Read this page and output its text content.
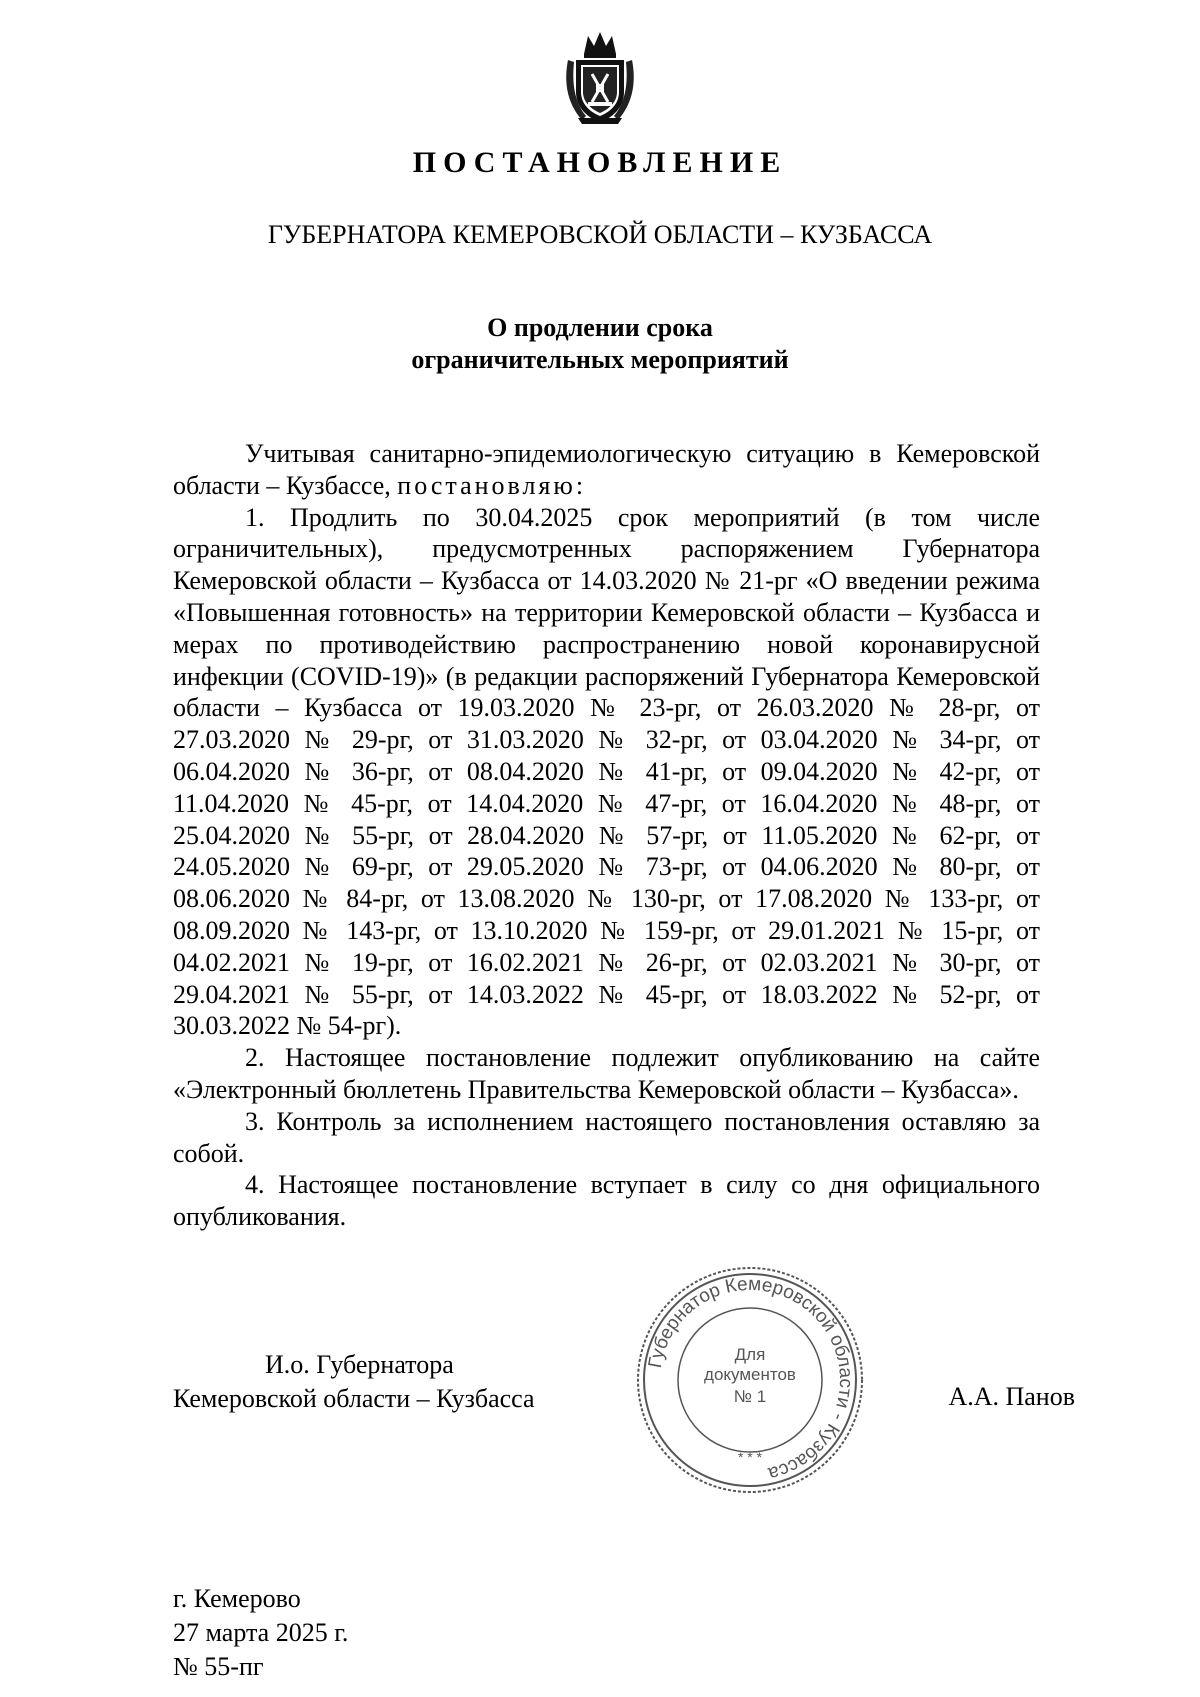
ПОСТАНОВЛЕНИЕ
ГУБЕРНАТОРА КЕМЕРОВСКОЙ ОБЛАСТИ – КУЗБАССА
О продлении срока
ограничительных мероприятий

Учитывая санитарно-эпидемиологическую ситуацию в Кемеровской области – Кузбассе, постановляю:

1. Продлить по 30.04.2025 срок мероприятий (в том числе ограничительных), предусмотренных распоряжением Губернатора Кемеровской области – Кузбасса от 14.03.2020 № 21-рг «О введении режима «Повышенная готовность» на территории Кемеровской области – Кузбасса и мерах по противодействию распространению новой коронавирусной инфекции (COVID-19)» (в редакции распоряжений Губернатора Кемеровской области – Кузбасса от 19.03.2020 № 23-рг, от 26.03.2020 № 28-рг, от 27.03.2020 № 29-рг, от 31.03.2020 № 32-рг, от 03.04.2020 № 34-рг, от 06.04.2020 № 36-рг, от 08.04.2020 № 41-рг, от 09.04.2020 № 42-рг, от 11.04.2020 № 45-рг, от 14.04.2020 № 47-рг, от 16.04.2020 № 48-рг, от 25.04.2020 № 55-рг, от 28.04.2020 № 57-рг, от 11.05.2020 № 62-рг, от 24.05.2020 № 69-рг, от 29.05.2020 № 73-рг, от 04.06.2020 № 80-рг, от 08.06.2020 № 84-рг, от 13.08.2020 № 130-рг, от 17.08.2020 № 133-рг, от 08.09.2020 № 143-рг, от 13.10.2020 № 159-рг, от 29.01.2021 № 15-рг, от 04.02.2021 № 19-рг, от 16.02.2021 № 26-рг, от 02.03.2021 № 30-рг, от 29.04.2021 № 55-рг, от 14.03.2022 № 45-рг, от 18.03.2022 № 52-рг, от 30.03.2022 № 54-рг).

2. Настоящее постановление подлежит опубликованию на сайте «Электронный бюллетень Правительства Кемеровской области – Кузбасса».

3. Контроль за исполнением настоящего постановления оставляю за собой.

4. Настоящее постановление вступает в силу со дня официального опубликования.

И.о. Губернатора
Кемеровской области – Кузбасса
Губернатор Кемеровской области - Кузбасса
* * *
Для
документов
№ 1	А.А. Панов
г. Кемерово
27 марта 2025 г.
№ 55-пг
